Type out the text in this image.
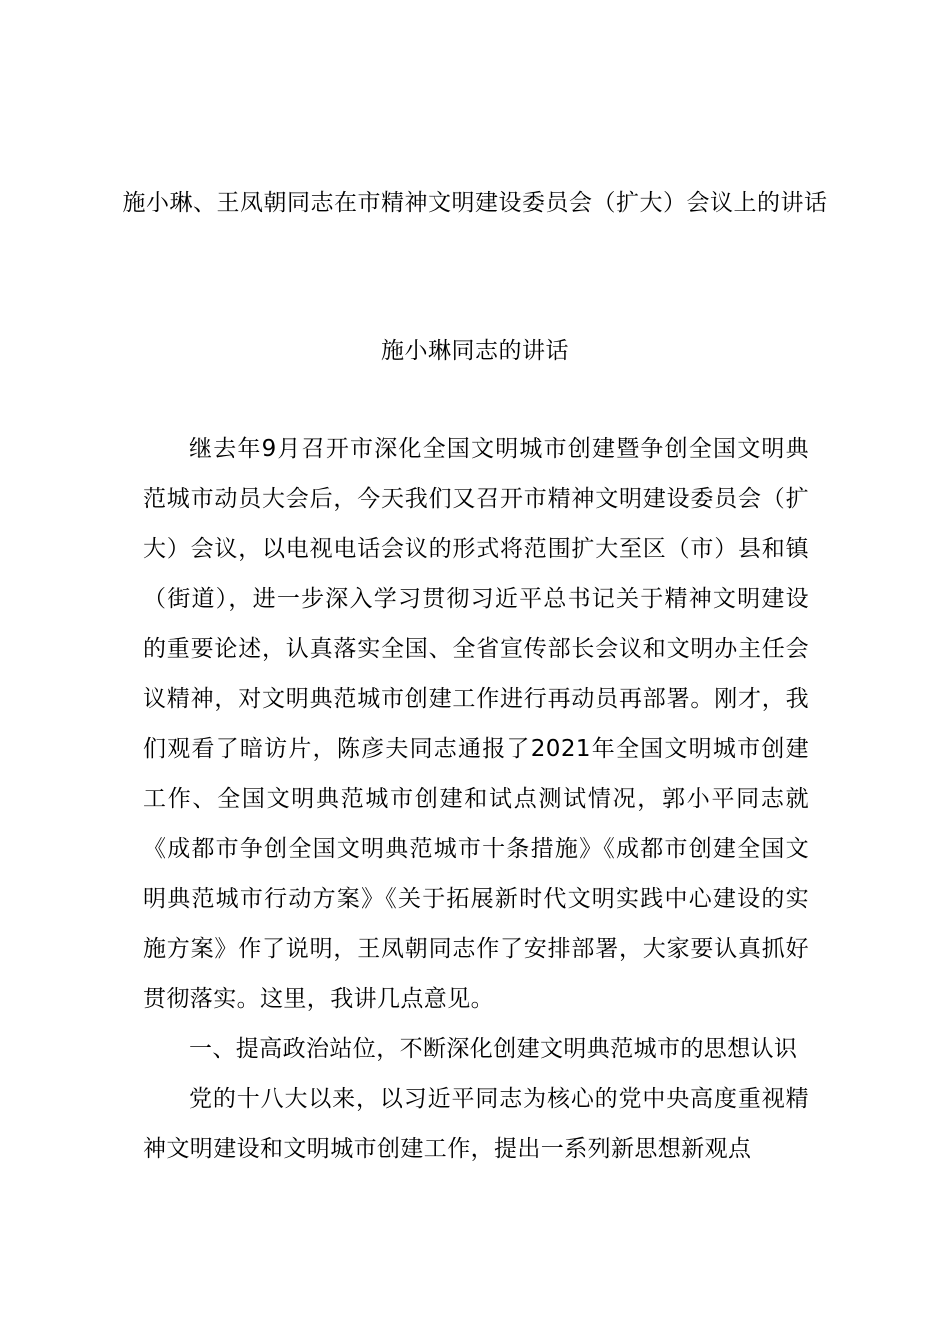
施小琳、王凤朝同志在市精神文明建设委员会（扩大）会议上的讲话
施小琳同志的讲话

继去年9月召开市深化全国文明城市创建暨争创全国文明典范城市动员大会后，今天我们又召开市精神文明建设委员会（扩大）会议，以电视电话会议的形式将范围扩大至区（市）县和镇（街道），进一步深入学习贯彻习近平总书记关于精神文明建设的重要论述，认真落实全国、全省宣传部长会议和文明办主任会议精神，对文明典范城市创建工作进行再动员再部署。刚才，我们观看了暗访片，陈彦夫同志通报了2021年全国文明城市创建工作、全国文明典范城市创建和试点测试情况，郭小平同志就《成都市争创全国文明典范城市十条措施》《成都市创建全国文明典范城市行动方案》《关于拓展新时代文明实践中心建设的实施方案》作了说明，王凤朝同志作了安排部署，大家要认真抓好贯彻落实。这里，我讲几点意见。

一、提高政治站位，不断深化创建文明典范城市的思想认识

党的十八大以来，以习近平同志为核心的党中央高度重视精神文明建设和文明城市创建工作，提出一系列新思想新观点
